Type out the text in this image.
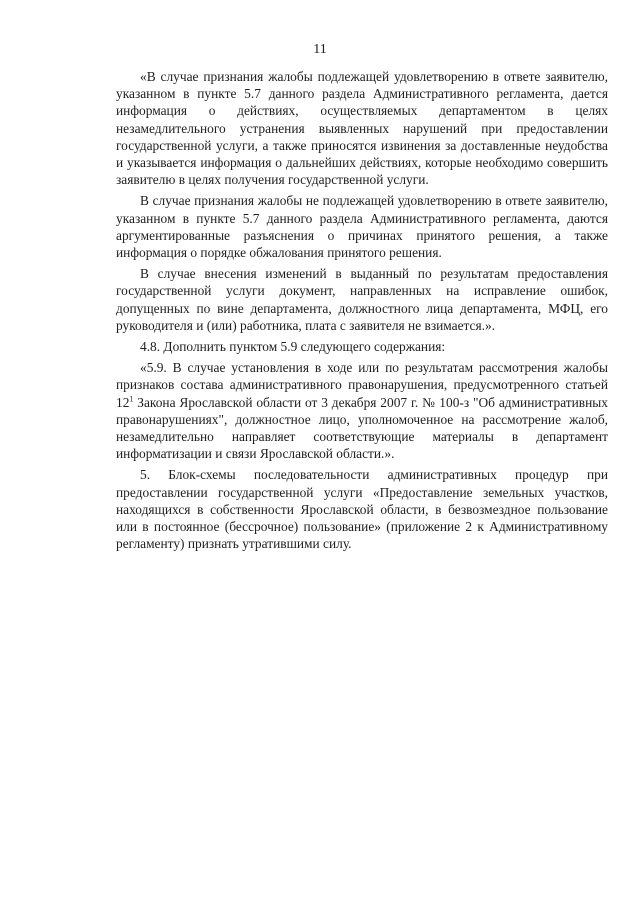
11

«В случае признания жалобы подлежащей удовлетворению в ответе заявителю, указанном в пункте 5.7 данного раздела Административного регламента, дается информация о действиях, осуществляемых департаментом в целях незамедлительного устранения выявленных нарушений при предоставлении государственной услуги, а также приносятся извинения за доставленные неудобства и указывается информация о дальнейших действиях, которые необходимо совершить заявителю в целях получения государственной услуги.

В случае признания жалобы не подлежащей удовлетворению в ответе заявителю, указанном в пункте 5.7 данного раздела Административного регламента, даются аргументированные разъяснения о причинах принятого решения, а также информация о порядке обжалования принятого решения.

В случае внесения изменений в выданный по результатам предоставления государственной услуги документ, направленных на исправление ошибок, допущенных по вине департамента, должностного лица департамента, МФЦ, его руководителя и (или) работника, плата с заявителя не взимается.».

4.8. Дополнить пунктом 5.9 следующего содержания:

«5.9. В случае установления в ходе или по результатам рассмотрения жалобы признаков состава административного правонарушения, предусмотренного статьей $12^1$ Закона Ярославской области от 3 декабря 2007 г. № 100-з "Об административных правонарушениях", должностное лицо, уполномоченное на рассмотрение жалоб, незамедлительно направляет соответствующие материалы в департамент информатизации и связи Ярославской области.».

5. Блок-схемы последовательности административных процедур при предоставлении государственной услуги «Предоставление земельных участков, находящихся в собственности Ярославской области, в безвозмездное пользование или в постоянное (бессрочное) пользование» (приложение 2 к Административному регламенту) признать утратившими силу.
